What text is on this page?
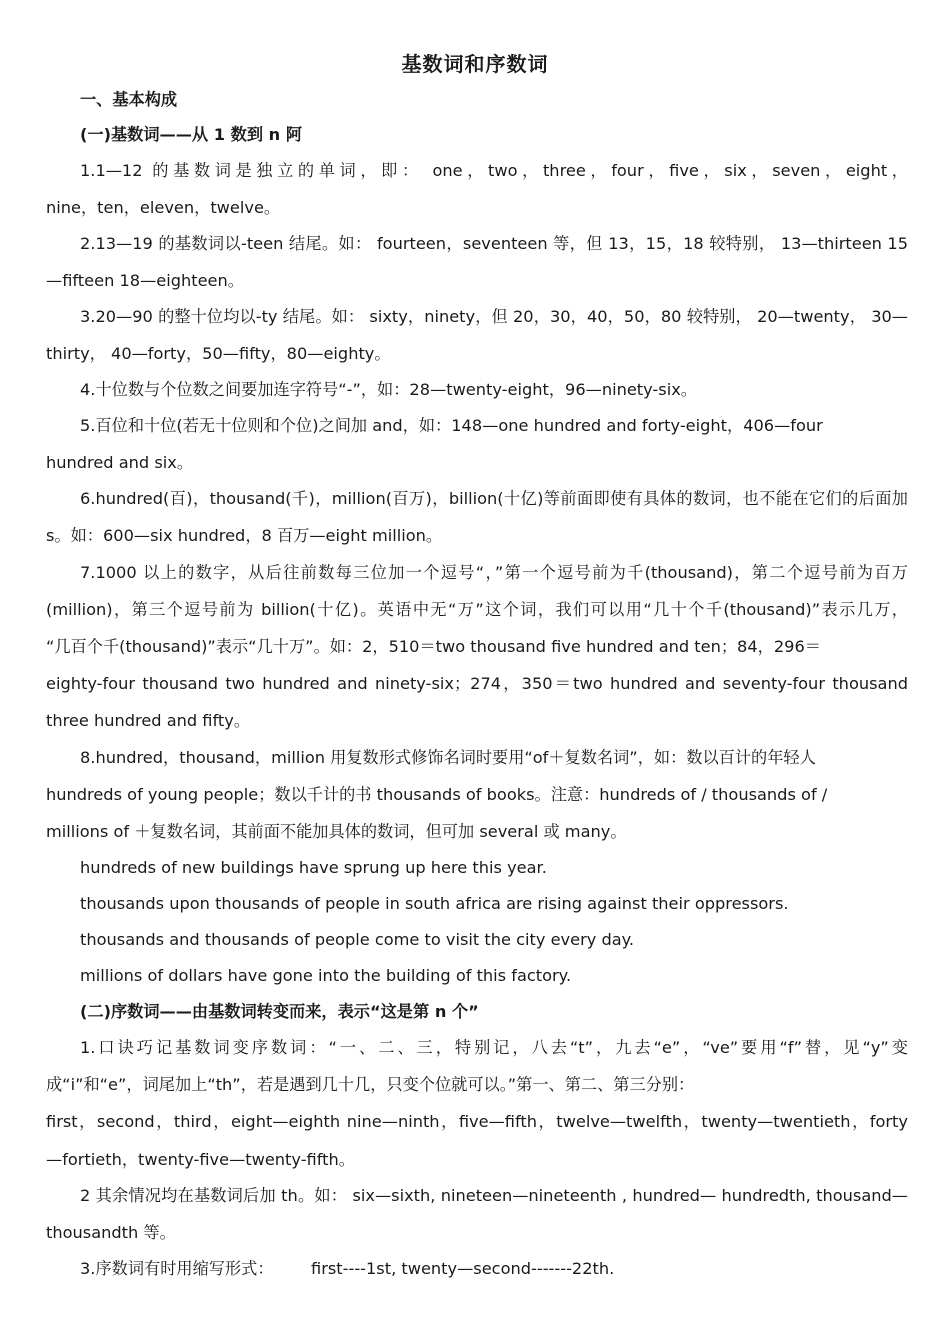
基数词和序数词
一、基本构成
(一)基数词——从 1 数到 n 阿
1.1—12 的基数词是独立的单词，即： one，two，three，four，five，six，seven，eight，
nine，ten，eleven，twelve。
2.13—19 的基数词以-teen 结尾。如： fourteen，seventeen 等，但 13，15，18 较特别， 13—thirteen 15
—fifteen 18—eighteen。
3.20—90 的整十位均以-ty 结尾。如： sixty，ninety，但 20，30，40，50，80 较特别， 20—twenty， 30—
thirty， 40—forty，50—fifty，80—eighty。
4.十位数与个位数之间要加连字符号“-”，如：28—twenty-eight，96—ninety-six。
5.百位和十位(若无十位则和个位)之间加 and，如：148—one hundred and forty-eight，406—four
hundred and six。
6.hundred(百)，thousand(千)，million(百万)，billion(十亿)等前面即使有具体的数词，也不能在它们的后面加
s。如：600—six hundred，8 百万—eight million。
7.1000 以上的数字，从后往前数每三位加一个逗号“，”第一个逗号前为千(thousand)，第二个逗号前为百万
(million)，第三个逗号前为 billion(十亿)。英语中无“万”这个词，我们可以用“几十个千(thousand)”表示几万，
“几百个千(thousand)”表示“几十万”。如：2，510＝two thousand five hundred and ten；84，296＝
eighty-four thousand two hundred and ninety-six；274，350＝two hundred and seventy-four thousand
three hundred and fifty。
8.hundred，thousand，million 用复数形式修饰名词时要用“of＋复数名词”，如：数以百计的年轻人
hundreds of young people；数以千计的书 thousands of books。注意：hundreds of / thousands of /
millions of ＋复数名词，其前面不能加具体的数词，但可加 several 或 many。
hundreds of new buildings have sprung up here this year.
thousands upon thousands of people in south africa are rising against their oppressors.
thousands and thousands of people come to visit the city every day.
millions of dollars have gone into the building of this factory.
(二)序数词——由基数词转变而来，表示“这是第 n 个”
1.口诀巧记基数词变序数词：“一、二、三，特别记，八去“t”，九去“e”，“ve”要用“f”替，见“y”变
成“i”和“e”，词尾加上“th”，若是遇到几十几，只变个位就可以。”第一、第二、第三分别：
first，second，third，eight—eighth nine—ninth，five—fifth，twelve—twelfth，twenty—twentieth，forty
—fortieth，twenty-five—twenty-fifth。
2 其余情况均在基数词后加 th。如： six—sixth, nineteen—nineteenth , hundred— hundredth, thousand—
thousandth 等。
3.序数词有时用缩写形式：	first----1st, twenty—second-------22th.
